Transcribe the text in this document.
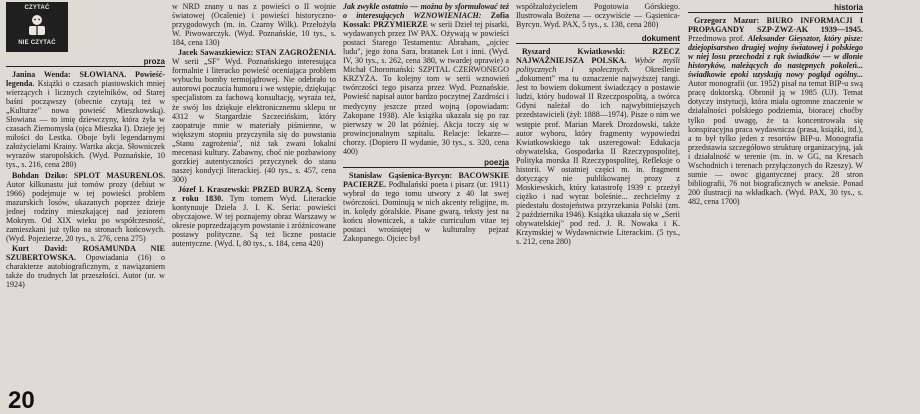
CZYTAĆ
NIE CZYTAĆ
proza

Janina Wenda: SŁOWIANA. Powieść-legenda. Książki o czasach piastowskich mniej wierzących i licznych czytelników, od Starej baśni począwszy (obecnie czytają też w „Kulturze" nowa powieść Mieszkowską). Słowiana — to imię dziewczyny, która żyła w czasach Ziemomysła (ojca Mieszka I). Dzieje jej miłości do Lestka. Oboje byli legendarnymi założycielami Krainy. Wartka akcja. Słowniczek wyrazów staropolskich. (Wyd. Poznańskie, 10 tys., s. 216, cena 280)

Bohdan Dziko: SPLOT MASURENLOS. Autor kilkunastu już tomów prozy (debiut w 1966) podejmuje w tej powieści problem mazurskich losów, ukazanych poprzez dzieje jednej rodziny mieszkającej nad jeziorem Mokrym. Od XIX wieku po współczesność, zamieszkani już tylko na stronach końcowych. (Wyd. Pojezierze, 20 tys., s. 276, cena 275)

Kurt David: ROSAMUNDA NIE SZUBERTOWSKA. Opowiadania (16) o charakterze autobiograficznym, z nawiązaniem także do trudnych lat przeszłości. Autor (ur. w 1924)

20

w NRD znany u nas z powieści o II wojnie światowej (Ocalenie) i powieści historyczno-przygodowych (m. in. Czarny Wilk). Przełożyła W. Piwowarczyk. (Wyd. Poznańskie, 10 tys., s. 184, cena 130)

Jacek Sawaszkiewicz: STAN ZAGROŻENIA. W serii „SF" Wyd. Poznańskiego interesująca formalnie i literacko powieść oceniająca problem wybuchu bomby termojądrowej. Nie odebrało to autorowi poczucia humoru i we wstępie, dziękując specjalistom za fachową konsultację, wyraża też, że swój los dziękuje elektronicznemu sklepu nr 4312 w Stargardzie Szczecińskim, który zaopatruje mnie w materiały piśmienne, w większym stopniu przyczyniła się do powstania „Stanu zagrożenia", niż tak zwani lokalni mecenasi kultury. Zabawny, choć nie pozbawiony gorzkiej autentyczności przyczynek do stanu naszej kondycji literackiej. (40 tys., s. 457, cena 300)

Józef I. Kraszewski: PRZED BURZĄ. Sceny z roku 1830. Tym tomem Wyd. Literackie kontynuuje Dzieła J. I. K. Seria: powieści obyczajowe. W tej poznajemy obraz Warszawy w okresie poprzedzającym powstanie i zróżnicowane postawy polityczne. Są też liczne postacie autentyczne. (Wyd. I, 80 tys., s. 184, cena 420)

Jak zwykle ostatnio — można by sformułować też o interesujących WZNOWIENIACH: Zofia Kossak: PRZYMIERZE w serii Dzieł tej pisarki, wydawanych przez IW PAX. Ożywają w powieści postaci Starego Testamentu: Abraham, „ojciec ludu", jego żona Sara, bratanek Lot i inni. (Wyd. IV, 30 tys., s. 262, cena 380, w twardej oprawie) a Michał Choromański: SZPITAL CZERWONEGO KRZYŻA. To kolejny tom w serii wznowień twórczości tego pisarza przez Wyd. Poznańskie. Powieść napisał autor bardzo poczytnej Zazdrości i medycyny jeszcze przed wojną (opowiadam: Zakopane 1938). Ale książka ukazała się po raz pierwszy w 20 lat później. Akcja toczy się w prowincjonalnym szpitalu. Relacje: lekarze—chorzy. (Dopiero II wydanie, 30 tys., s. 320, cena 400)

poezja

Stanisław Gąsienica-Byrcyn: BACOWSKIE PACIERZE. Podhalański poeta i pisarz (ur. 1911) wybrał do tego tomu utwory z 40 lat swej twórczości. Dominują w nich akcenty religijne, m. in. kolędy góralskie. Pisane gwarą, teksty jest na końcu słowniczek, a także curriculum vitae tej postaci wrośniętej w kulturalny pejzaż Zakopanego. Ojciec był

współzałożycielem Pogotowia Górskiego. Ilustrowała Bożena — oczywiście — Gąsienica-Byrcyn. Wyd. PAX, 5 tys., s. 138, cena 280)

dokument

Ryszard Kwiatkowski:	RZECZ NAJWAŻNIEJSZA POLSKA. Wybór myśli politycznych i społecznych. Określenie „dokument" ma tu oznaczenie najwyższej rangi. Jest to bowiem dokument świadczący o postawie ludzi, który budował II Rzeczpospolitą, a twórca Gdyni należał do ich najwybitniejszych przedstawicieli (żył: 1888—1974). Pisze o nim we wstępie prof. Marian Marek Drozdowski, także autor wyboru, który fragmenty wypowiedzi Kwiatkowskiego tak uszeregował: Edukacja obywatelska, Gospodarka II Rzeczypospolitej, Polityka morska II Rzeczypospolitej, Refleksje o historii. W ostatniej części m. in. fragment dotyczący nie publikowanej prozy z Moskiewskich, który katastrofę 1939 r. przeżył ciężko i nad wyraz boleśnie... zechcielmy z piedestału dostojeństwa przyrzekania Polski (zm. 2 października 1946). Książka ukazała się w „Serii obywatelskiej" pod red. J. R. Nowaka i K. Krzymskiej w Wydawnictwie Literackim. (5 tys., s. 212, cena 280)

historia

Grzegorz Mazur: BIURO INFORMACJI I PROPAGANDY SZP-ZWZ-AK 1939—1945. Przedmowa prof. Aleksander Gieysztor, który pisze: dziejopisarstwo drugiej wojny światowej i polskiego w niej losu przechodzi z rąk świadków — w dłonie historyków, należących do następnych pokoleń... świadkowie epoki uzyskują nowy pogląd ogólny... Autor monografii (ur. 1952) pisał na temat BIP-u swą pracę doktorską. Obronił ją w 1985 (UJ). Temat dotyczy instytucji, która miała ogromne znaczenie w działalności polskiego podziemia, bioracej choćby tylko pod uwagę, że ta koncentrowała się konspiracyjna praca wydawnicza (prasa, książki, itd.), a to był tylko jeden z resortów BIP-u. Monografia przedstawia szczegółowo strukturę organizacyjną, jak i działalność w terenie (m. in. w GG, na Kresach Wschodnich i terenach przyłączonych do Rzeszy). W sumie — owoc gigantycznej pracy. 28 stron bibliografii, 76 not biograficznych w aneksie. Ponad 200 ilustracji na wkładkach. (Wyd. PAX, 30 tys., s. 482, cena 1700)
